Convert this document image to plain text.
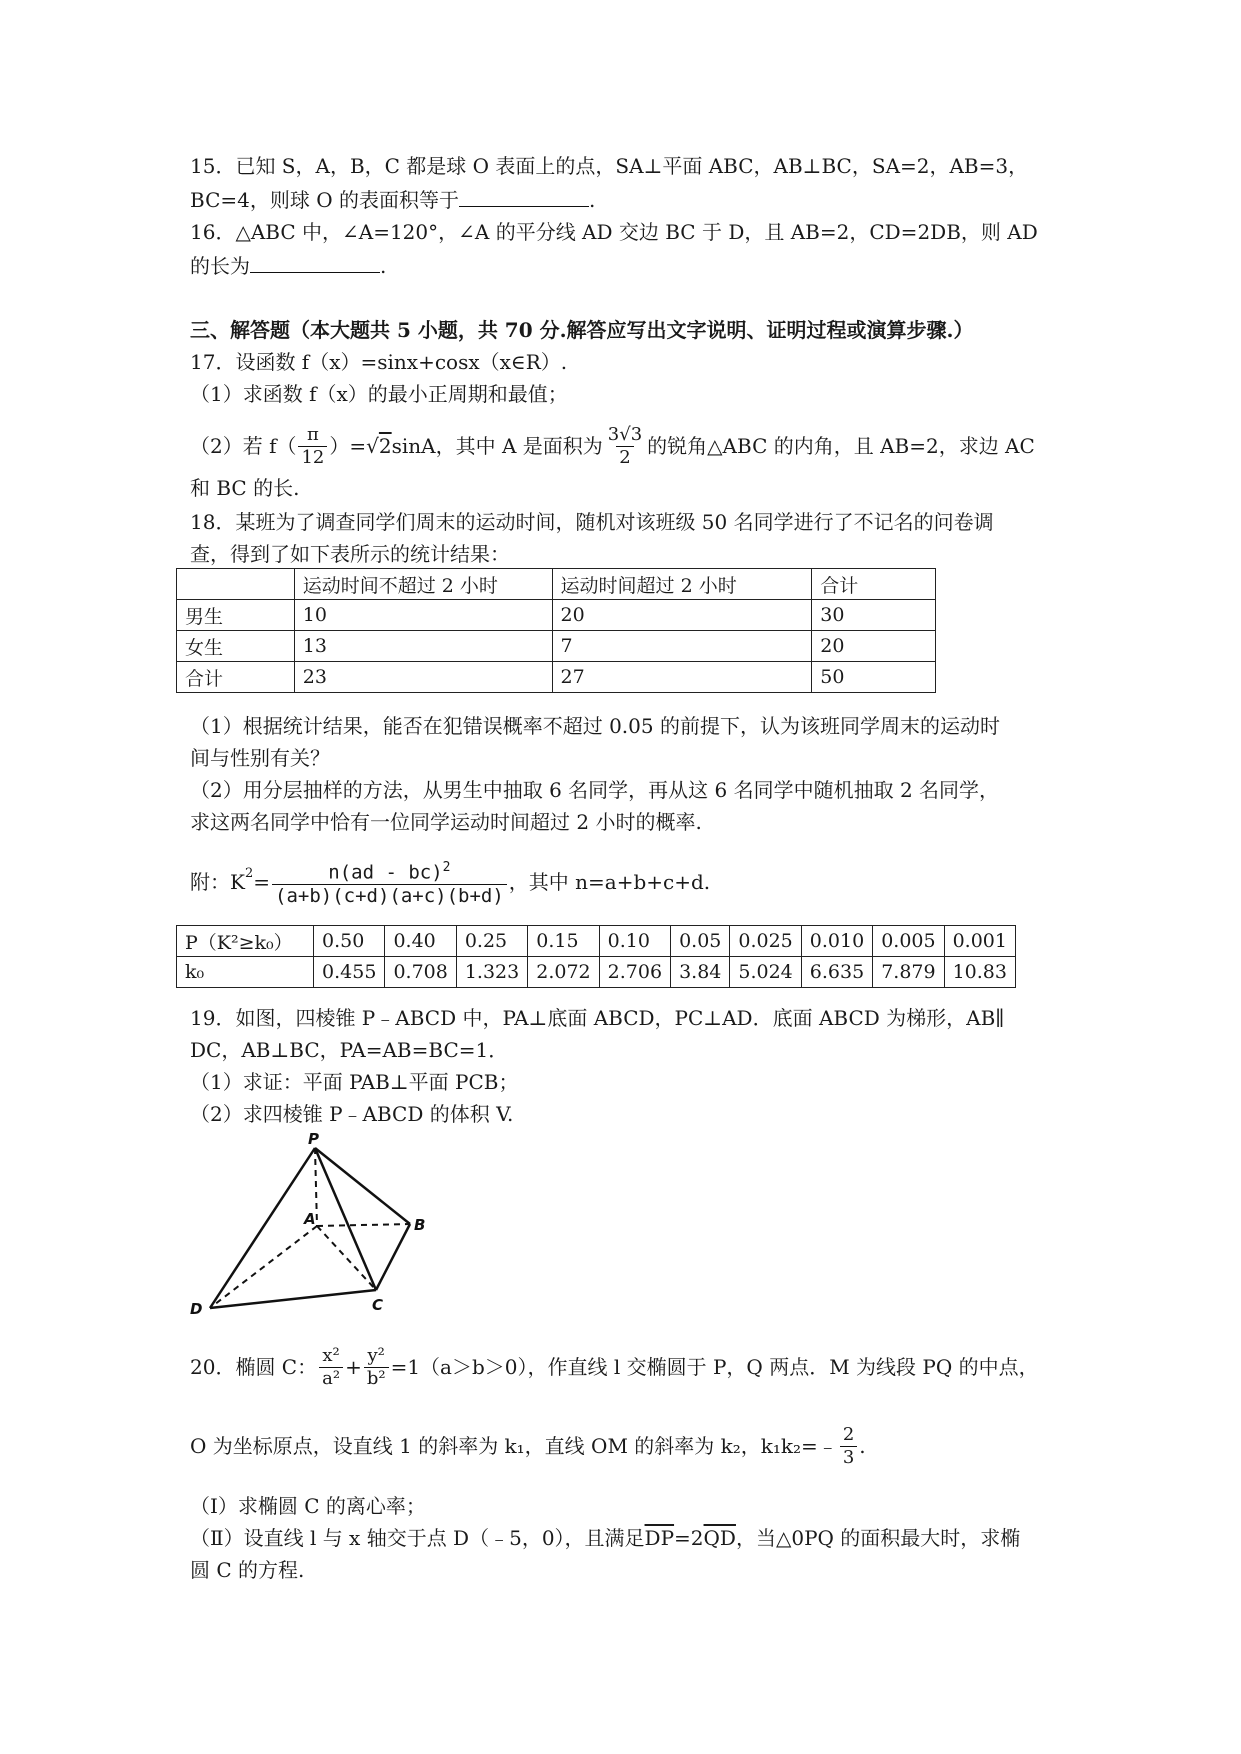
15．已知 S，A，B，C 都是球 O 表面上的点，SA⊥平面 ABC，AB⊥BC，SA=2，AB=3，
BC=4，则球 O 的表面积等于	.
16．△ABC 中，∠A=120°，∠A 的平分线 AD 交边 BC 于 D，且 AB=2，CD=2DB，则 AD
的长为	.
三、解答题（本大题共 5 小题，共 70 分.解答应写出文字说明、证明过程或演算步骤.）
17．设函数 f（x）=sinx+cosx（x∈R）.
（1）求函数 f（x）的最小正周期和最值；
（2）若 $f( \frac{\pi}{12}$ ）= √ 2 sinA，其中 A 是面积为 $\frac{3√3}{2}$ 的锐角△ABC 的内角，且 AB=2，求边 AC
和 BC 的长.
18．某班为了调查同学们周末的运动时间，随机对该班级 50 名同学进行了不记名的问卷调
查，得到了如下表所示的统计结果：
	运动时间不超过 2 小时	运动时间超过 2 小时	合计
男生	10	20	30
女生	13	7	20
合计	23	27	50
（1）根据统计结果，能否在犯错误概率不超过 0.05 的前提下，认为该班同学周末的运动时
间与性别有关？
（2）用分层抽样的方法，从男生中抽取 6 名同学，再从这 6 名同学中随机抽取 2 名同学，
求这两名同学中恰有一位同学运动时间超过 2 小时的概率.
附：$K^2 = \frac{n(ad - bc)^2}{(a+b)(c+d)(a+c)(b+d)}$ ，其中 n=a+b+c+d.
P（K²≥k₀）	0.50	0.40	0.25	0.15	0.10	0.05	0.025	0.010	0.005	0.001
k₀	0.455	0.708	1.323	2.072	2.706	3.84	5.024	6.635	7.879	10.83
19．如图，四棱锥 P﹣ABCD 中，PA⊥底面 ABCD，PC⊥AD．底面 ABCD 为梯形，AB∥
DC，AB⊥BC，PA=AB=BC=1．
（1）求证：平面 PAB⊥平面 PCB；
（2）求四棱锥 P﹣ABCD 的体积 V.
P
A	B
C
D
20．椭圆 C： $\frac{\text{x²}}{\text{a²}} + \frac{\text{y²}}{\text{b²}} =1(a>b>0)$，作直线 l 交椭圆于 P，Q 两点．M 为线段 PQ 的中点，
O 为坐标原点，设直线 1 的斜率为 k₁，直线 OM 的斜率为 k₂，k₁k₂=﹣ $\frac{2}{3}$ .
（Ⅰ）求椭圆 C 的离心率；
（Ⅱ）设直线 l 与 x 轴交于点 D（﹣5，0），且满足$\overline{DP}=2\overline{QD}$，当△0PQ 的面积最大时，求椭
圆 C 的方程.
